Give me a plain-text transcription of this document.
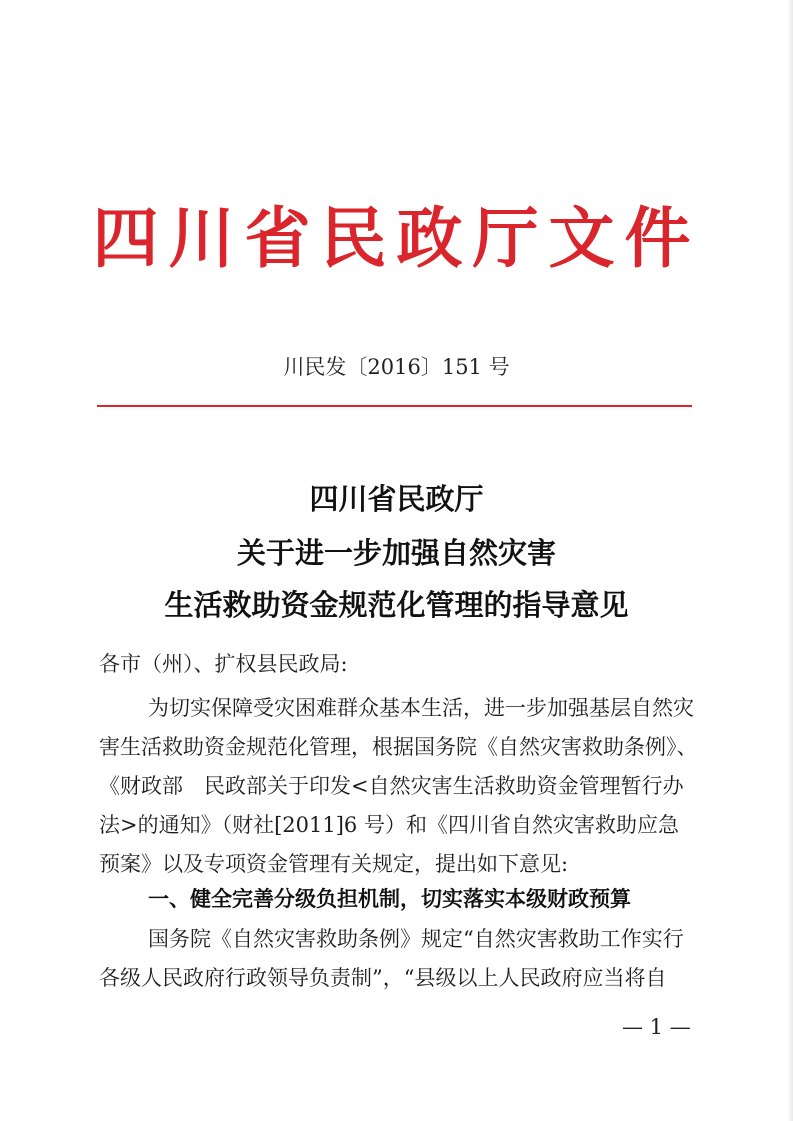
四川省民政厅文件
川民发〔2016〕151 号
四川省民政厅
关于进一步加强自然灾害
生活救助资金规范化管理的指导意见
各市（州）、扩权县民政局:
为切实保障受灾困难群众基本生活，进一步加强基层自然灾
害生活救助资金规范化管理，根据国务院《自然灾害救助条例》、
《财政部　民政部关于印发<自然灾害生活救助资金管理暂行办
法>的通知》（财社[2011]6 号）和《四川省自然灾害救助应急
预案》以及专项资金管理有关规定，提出如下意见:
一、健全完善分级负担机制，切实落实本级财政预算
国务院《自然灾害救助条例》规定“自然灾害救助工作实行
各级人民政府行政领导负责制”，“县级以上人民政府应当将自
— 1 —
